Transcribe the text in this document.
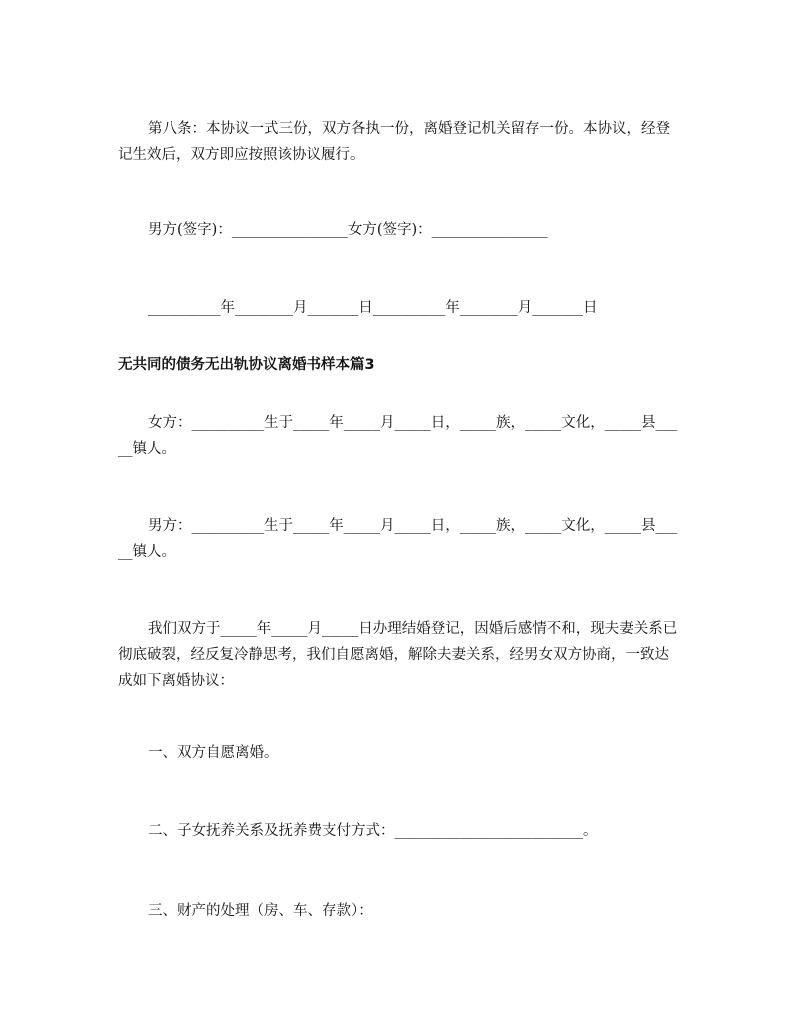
第八条：本协议一式三份，双方各执一份，离婚登记机关留存一份。本协议，经登记生效后，双方即应按照该协议履行。

男方(签字)：________________女方(签字)：________________

__________年________月_______日__________年________月_______日

无共同的债务无出轨协议离婚书样本篇3

女方：__________生于_____年_____月_____日，_____族，_____文化，_____县_____镇人。

男方：__________生于_____年_____月_____日，_____族，_____文化，_____县_____镇人。

我们双方于_____年_____月_____日办理结婚登记，因婚后感情不和，现夫妻关系已彻底破裂，经反复冷静思考，我们自愿离婚，解除夫妻关系，经男女双方协商，一致达成如下离婚协议：

一、双方自愿离婚。

二、子女抚养关系及抚养费支付方式：__________________________。

三、财产的处理（房、车、存款）：
